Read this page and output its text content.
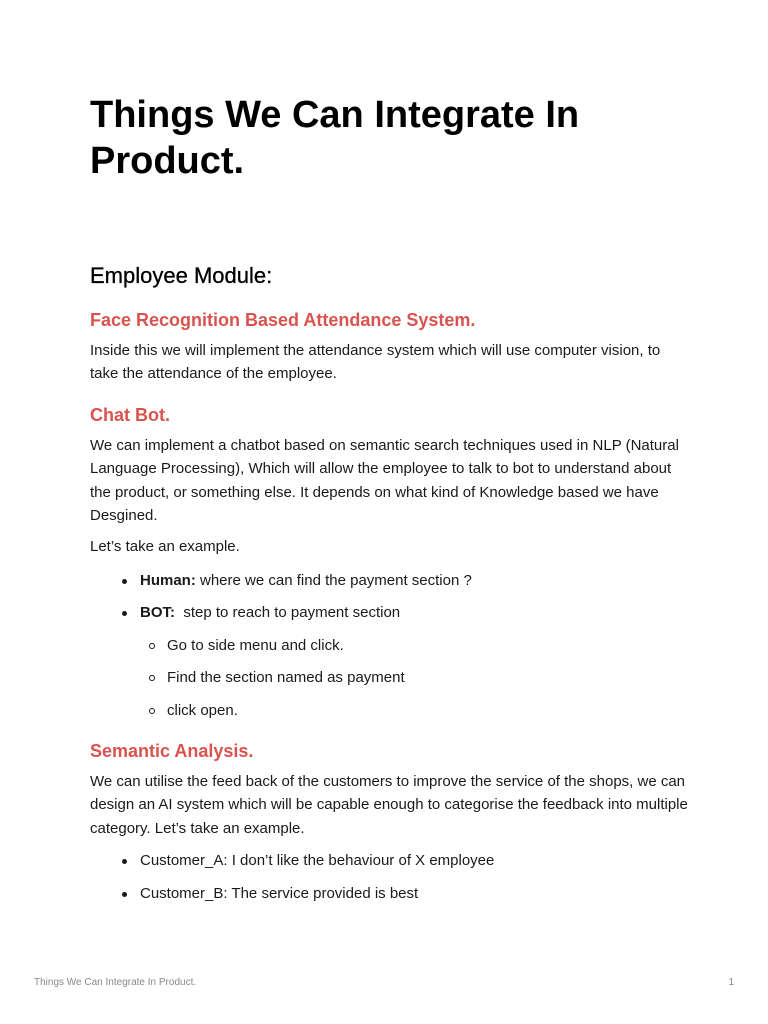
Things We Can Integrate In Product.
Employee Module:
Face Recognition Based Attendance System.

Inside this we will implement the attendance system which will use computer vision, to take the attendance of the employee.

Chat Bot.

We can implement a chatbot based on semantic search techniques used in NLP (Natural Language Processing), Which will allow the employee to talk to bot to understand about the product, or something else. It depends on what kind of Knowledge based we have Desgined.

Let’s take an example.

Human: where we can find the payment section ?
BOT:  step to reach to payment section
Go to side menu and click.
Find the section named as payment
click open.
Semantic Analysis.

We can utilise the feed back of the customers to improve the service of the shops, we can design an AI system which will be capable enough to categorise the feedback into multiple category. Let’s take an example.

Customer_A: I don’t like the behaviour of X employee
Customer_B: The service provided is best
Things We Can Integrate In Product.	1
